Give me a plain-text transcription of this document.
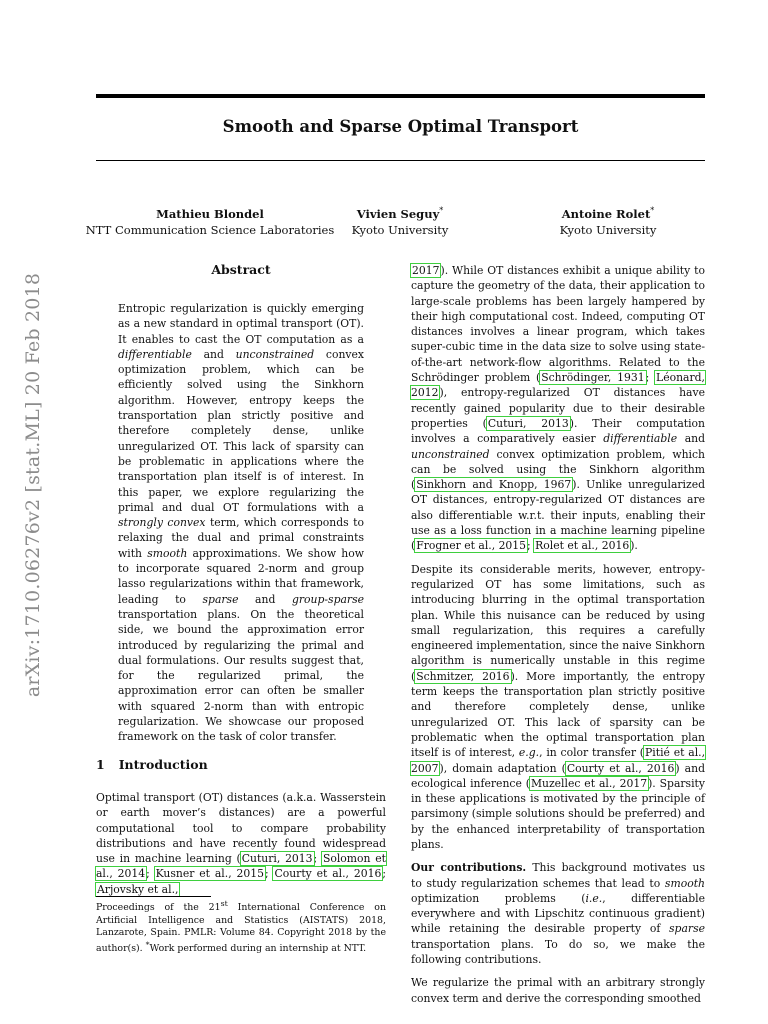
Smooth and Sparse Optimal Transport
Mathieu Blondel
NTT Communication Science Laboratories
Vivien Seguy*
Kyoto University
Antoine Rolet*
Kyoto University
arXiv:1710.06276v2 [stat.ML] 20 Feb 2018
Abstract
Entropic regularization is quickly emerging as a new standard in optimal transport (OT). It enables to cast the OT computation as a differentiable and unconstrained convex optimization problem, which can be efficiently solved using the Sinkhorn algorithm. However, entropy keeps the transportation plan strictly positive and therefore completely dense, unlike unregularized OT. This lack of sparsity can be problematic in applications where the transportation plan itself is of interest. In this paper, we explore regularizing the primal and dual OT formulations with a strongly convex term, which corresponds to relaxing the dual and primal constraints with smooth approximations. We show how to incorporate squared 2-norm and group lasso regularizations within that framework, leading to sparse and group-sparse transportation plans. On the theoretical side, we bound the approximation error introduced by regularizing the primal and dual formulations. Our results suggest that, for the regularized primal, the approximation error can often be smaller with squared 2-norm than with entropic regularization. We showcase our proposed framework on the task of color transfer.
1 Introduction
Optimal transport (OT) distances (a.k.a. Wasserstein or earth mover’s distances) are a powerful computational tool to compare probability distributions and have recently found widespread use in machine learning (Cuturi, 2013; Solomon et al., 2014; Kusner et al., 2015; Courty et al., 2016; Arjovsky et al.,
Proceedings of the 21st International Conference on Artificial Intelligence and Statistics (AISTATS) 2018, Lanzarote, Spain. PMLR: Volume 84. Copyright 2018 by the author(s). *Work performed during an internship at NTT.

2017). While OT distances exhibit a unique ability to capture the geometry of the data, their application to large-scale problems has been largely hampered by their high computational cost. Indeed, computing OT distances involves a linear program, which takes super-cubic time in the data size to solve using state-of-the-art network-flow algorithms. Related to the Schrödinger problem (Schrödinger, 1931; Léonard, 2012), entropy-regularized OT distances have recently gained popularity due to their desirable properties (Cuturi, 2013). Their computation involves a comparatively easier differentiable and unconstrained convex optimization problem, which can be solved using the Sinkhorn algorithm (Sinkhorn and Knopp, 1967). Unlike unregularized OT distances, entropy-regularized OT distances are also differentiable w.r.t. their inputs, enabling their use as a loss function in a machine learning pipeline (Frogner et al., 2015; Rolet et al., 2016).

Despite its considerable merits, however, entropy-regularized OT has some limitations, such as introducing blurring in the optimal transportation plan. While this nuisance can be reduced by using small regularization, this requires a carefully engineered implementation, since the naive Sinkhorn algorithm is numerically unstable in this regime (Schmitzer, 2016). More importantly, the entropy term keeps the transportation plan strictly positive and therefore completely dense, unlike unregularized OT. This lack of sparsity can be problematic when the optimal transportation plan itself is of interest, e.g., in color transfer (Pitié et al., 2007), domain adaptation (Courty et al., 2016) and ecological inference (Muzellec et al., 2017). Sparsity in these applications is motivated by the principle of parsimony (simple solutions should be preferred) and by the enhanced interpretability of transportation plans.

Our contributions. This background motivates us to study regularization schemes that lead to smooth optimization problems (i.e., differentiable everywhere and with Lipschitz continuous gradient) while retaining the desirable property of sparse transportation plans. To do so, we make the following contributions.

We regularize the primal with an arbitrary strongly convex term and derive the corresponding smoothed
